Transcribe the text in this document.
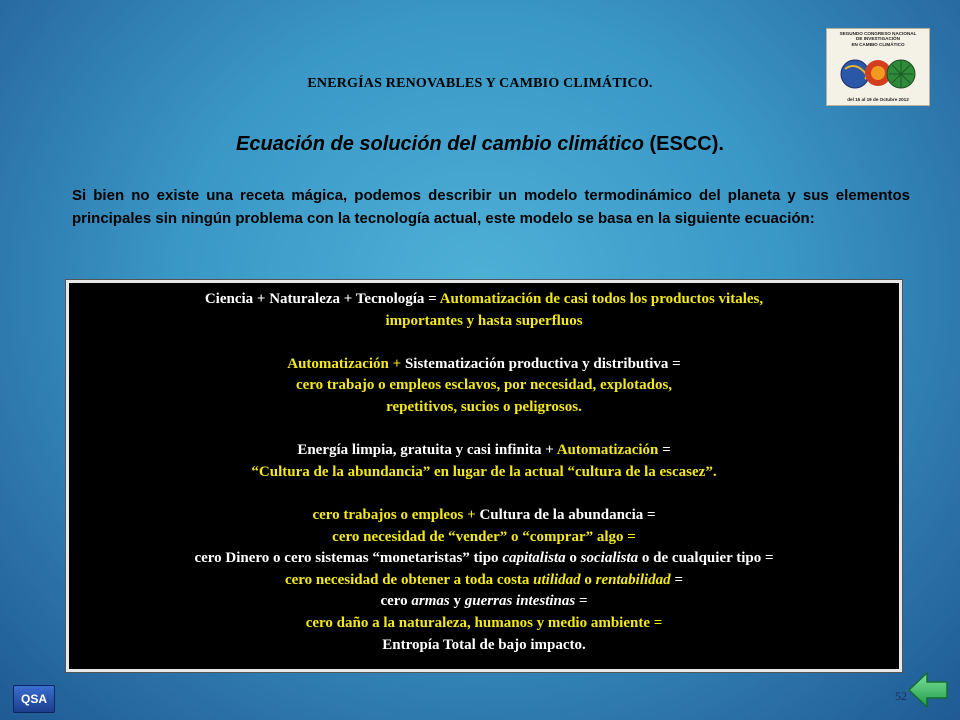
ENERGÍAS RENOVABLES Y CAMBIO CLIMÁTICO.
SEGUNDO CONGRESO NACIONAL
DE INVESTIGACIÓN
EN CAMBIO CLIMÁTICO
del 15 al 19 de Octubre 2012
Ecuación de solución del cambio climático (ESCC).
Si bien no existe una receta mágica, podemos describir un modelo termodinámico del planeta y sus elementos principales sin ningún problema con la tecnología actual, este modelo se basa en la siguiente ecuación:

Ciencia + Naturaleza + Tecnología = Automatización de casi todos los productos vitales,

importantes y hasta superfluos

Automatización + Sistematización productiva y distributiva =

cero trabajo o empleos esclavos, por necesidad, explotados,

repetitivos, sucios o peligrosos.

Energía limpia, gratuita y casi infinita + Automatización =

“Cultura de la abundancia” en lugar de la actual “cultura de la escasez”.

cero trabajos o empleos + Cultura de la abundancia =

cero necesidad de “vender” o “comprar” algo =

cero Dinero o cero sistemas “monetaristas” tipo capitalista o socialista o de cualquier tipo =

cero necesidad de obtener a toda costa utilidad o rentabilidad =

cero armas y guerras intestinas =

cero daño a la naturaleza, humanos y medio ambiente =

Entropía Total de bajo impacto.

QSA	52
